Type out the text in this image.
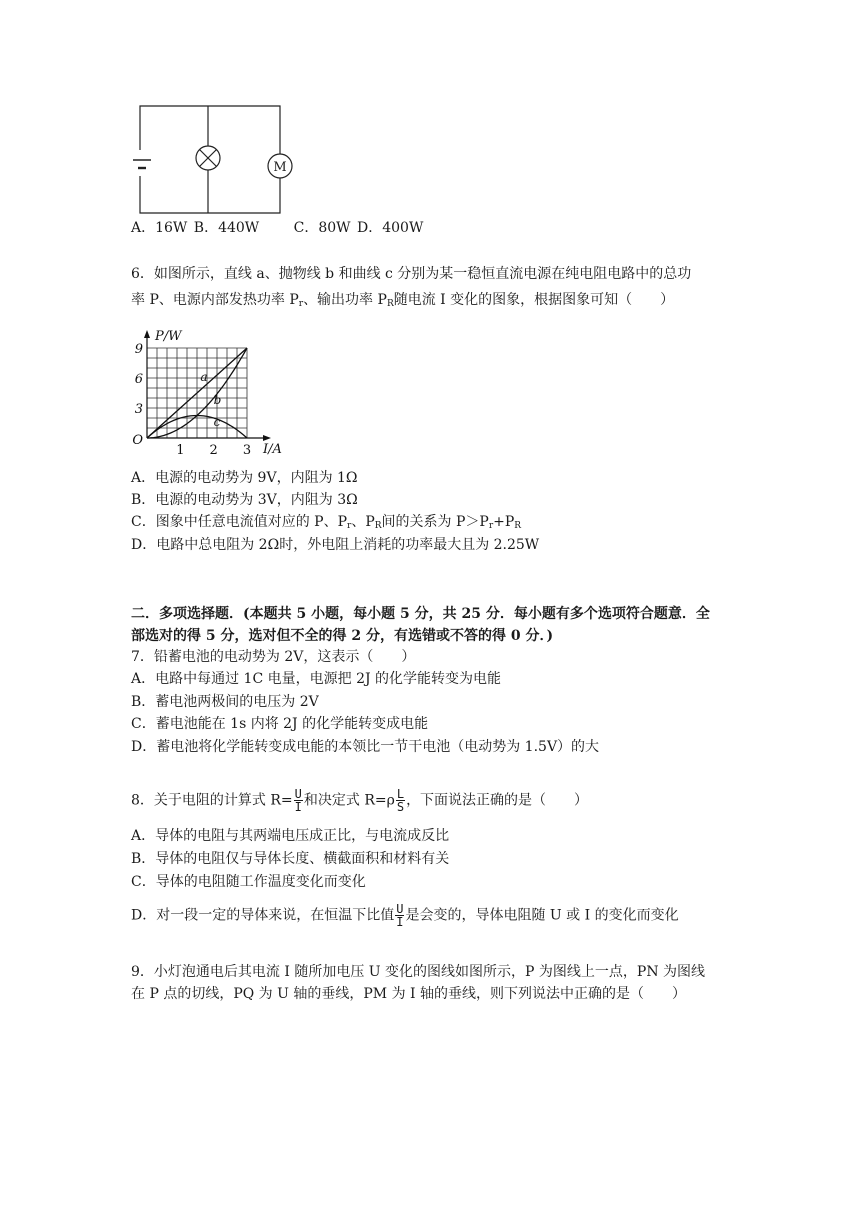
M
A．16W B．440W C．80W D．400W
6．如图所示，直线 a、抛物线 b 和曲线 c 分别为某一稳恒直流电源在纯电阻电路中的总功
率 P、电源内部发热功率 $P_r$、输出功率 $P_R$随电流 I 变化的图象，根据图象可知（　　）
1 2 3
3
6
9
O
P/W
I/A
a
b
c
A．电源的电动势为 9V，内阻为 1Ω
B．电源的电动势为 3V，内阻为 3Ω
C．图象中任意电流值对应的 P、$P_r$、$P_R$间的关系为 $P>P_r+P_R$
D．电路中总电阻为 2Ω时，外电阻上消耗的功率最大且为 2.25W
二．多项选择题．(本题共 5 小题，每小题 5 分，共 25 分．每小题有多个选项符合题意．全
部选对的得 5 分，选对但不全的得 2 分，有选错或不答的得 0 分．)
7．铅蓄电池的电动势为 2V，这表示（　　）
A．电路中每通过 1C 电量，电源把 2J 的化学能转变为电能
B．蓄电池两极间的电压为 2V
C．蓄电池能在 1s 内将 2J 的化学能转变成电能
D．蓄电池将化学能转变成电能的本领比一节干电池（电动势为 1.5V）的大
8．关于电阻的计算式 $R= \frac{U}{I}$ 和决定式 $R=\rho \frac{L}{S}$ ，下面说法正确的是（　　）
A．导体的电阻与其两端电压成正比，与电流成反比
B．导体的电阻仅与导体长度、横截面积和材料有关
C．导体的电阻随工作温度变化而变化
D．对一段一定的导体来说，在恒温下比值 $\frac{U}{I}$ 是会变的，导体电阻随 U 或 I 的变化而变化
9．小灯泡通电后其电流 I 随所加电压 U 变化的图线如图所示，P 为图线上一点，PN 为图线
在 P 点的切线，PQ 为 U 轴的垂线，PM 为 I 轴的垂线，则下列说法中正确的是（　　）
